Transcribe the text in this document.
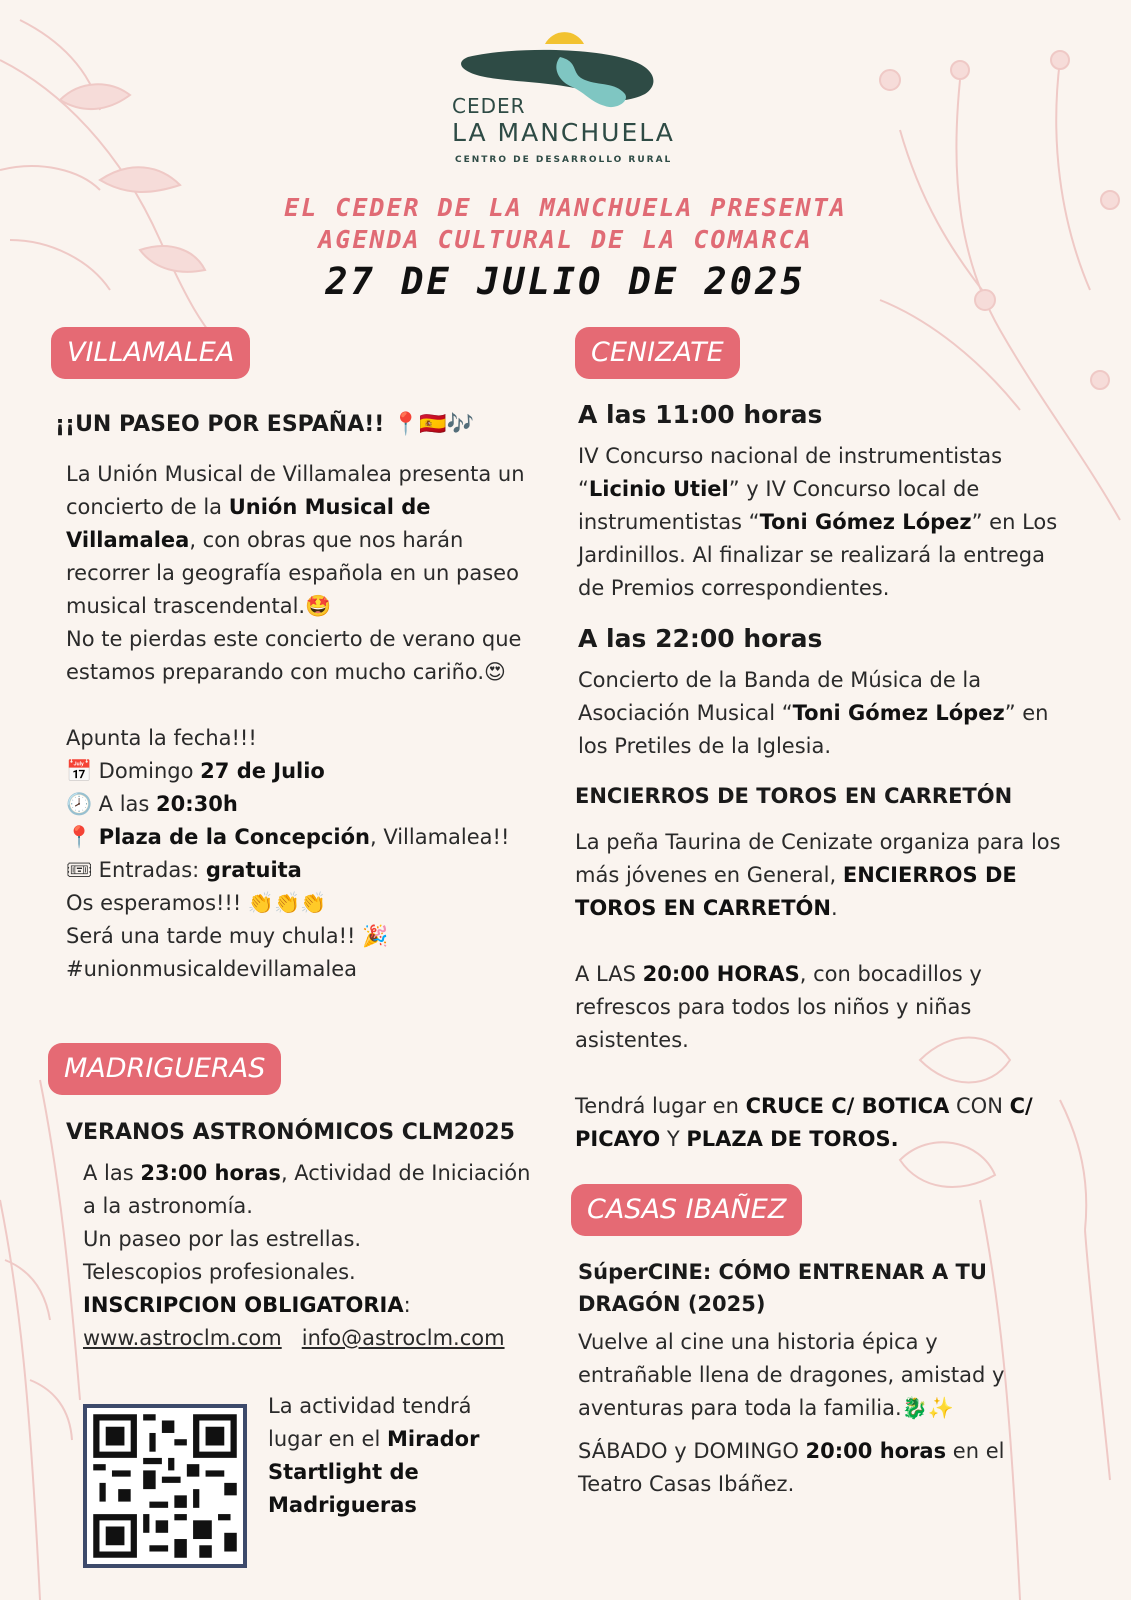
CEDER
LA MANCHUELA
CENTRO DE DESARROLLO RURAL
EL CEDER DE LA MANCHUELA PRESENTA
AGENDA CULTURAL DE LA COMARCA
27 DE JULIO DE 2025
VILLAMALEA
¡¡UN PASEO POR ESPAÑA!! 📍🇪🇸🎶

La Unión Musical de Villamalea presenta un concierto de la Unión Musical de Villamalea, con obras que nos harán recorrer la geografía española en un paseo musical trascendental.🤩

No te pierdas este concierto de verano que estamos preparando con mucho cariño.😍

Apunta la fecha!!!

📅 Domingo 27 de Julio

🕗 A las 20:30h

📍 Plaza de la Concepción, Villamalea!!

🎟 Entradas: gratuita

Os esperamos!!! 👏👏👏

Será una tarde muy chula!! 🎉

#unionmusicaldevillamalea

MADRIGUERAS
VERANOS ASTRONÓMICOS CLM2025

A las 23:00 horas, Actividad de Iniciación a la astronomía.

Un paseo por las estrellas.

Telescopios profesionales.

INSCRIPCION OBLIGATORIA:

www.astroclm.com info@astroclm.com

La actividad tendrá lugar en el Mirador Startlight de Madrigueras

CENIZATE
A las 11:00 horas

IV Concurso nacional de instrumentistas “Licinio Utiel” y IV Concurso local de instrumentistas “Toni Gómez López” en Los Jardinillos. Al finalizar se realizará la entrega de Premios correspondientes.

A las 22:00 horas

Concierto de la Banda de Música de la Asociación Musical “Toni Gómez López” en los Pretiles de la Iglesia.

ENCIERROS DE TOROS EN CARRETÓN

La peña Taurina de Cenizate organiza para los más jóvenes en General, ENCIERROS DE TOROS EN CARRETÓN.

A LAS 20:00 HORAS, con bocadillos y refrescos para todos los niños y niñas asistentes.

Tendrá lugar en CRUCE C/ BOTICA CON C/ PICAYO Y PLAZA DE TOROS.

CASAS IBAÑEZ
SúperCINE: CÓMO ENTRENAR A TU DRAGÓN (2025)

Vuelve al cine una historia épica y entrañable llena de dragones, amistad y aventuras para toda la familia.🐉✨

SÁBADO y DOMINGO 20:00 horas en el Teatro Casas Ibáñez.
